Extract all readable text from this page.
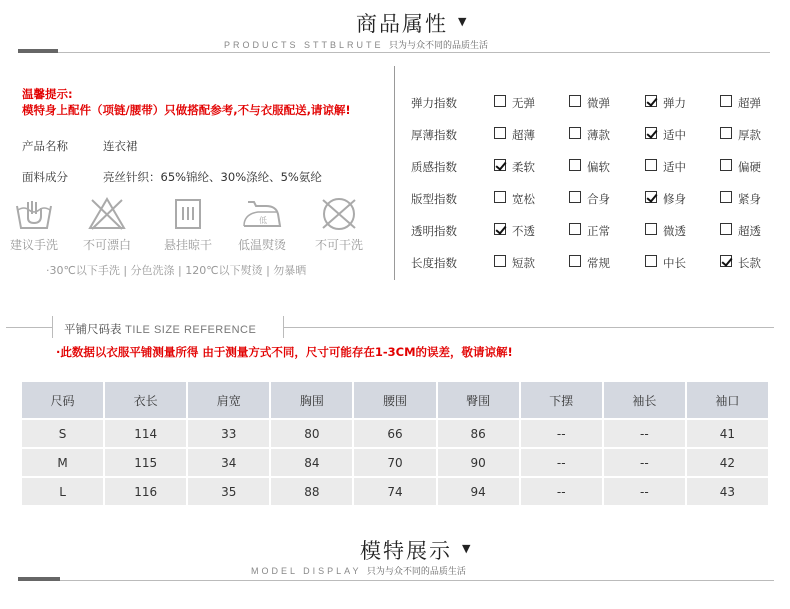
商品属性 ▼
PRODUCTS STTBLRUTE 只为与众不同的品质生活
温馨提示:
模特身上配件（项链/腰带）只做搭配参考,不与衣服配送,请谅解!
产品名称	连衣裙
面料成分	亮丝针织：65%锦纶、30%涤纶、5%氨纶
建议手洗	不可漂白	悬挂晾干
低
低温熨烫	不可干洗
·30℃以下手洗 | 分色洗涤 | 120℃以下熨烫 | 勿暴晒
弹力指数	无弹	微弹	弹力	超弹
厚薄指数	超薄	薄款	适中	厚款
质感指数	柔软	偏软	适中	偏硬
版型指数	宽松	合身	修身	紧身
透明指数	不透	正常	微透	超透
长度指数	短款	常规	中长	长款
平铺尺码表 TILE SIZE REFERENCE
·此数据以衣服平铺测量所得 由于测量方式不同，尺寸可能存在1-3CM的误差，敬请谅解!
尺码	衣长	肩宽	胸围	腰围	臀围	下摆	袖长	袖口
S	114	33	80	66	86	--	--	41
M	115	34	84	70	90	--	--	42
L	116	35	88	74	94	--	--	43
模特展示 ▼
MODEL DISPLAY 只为与众不同的品质生活
